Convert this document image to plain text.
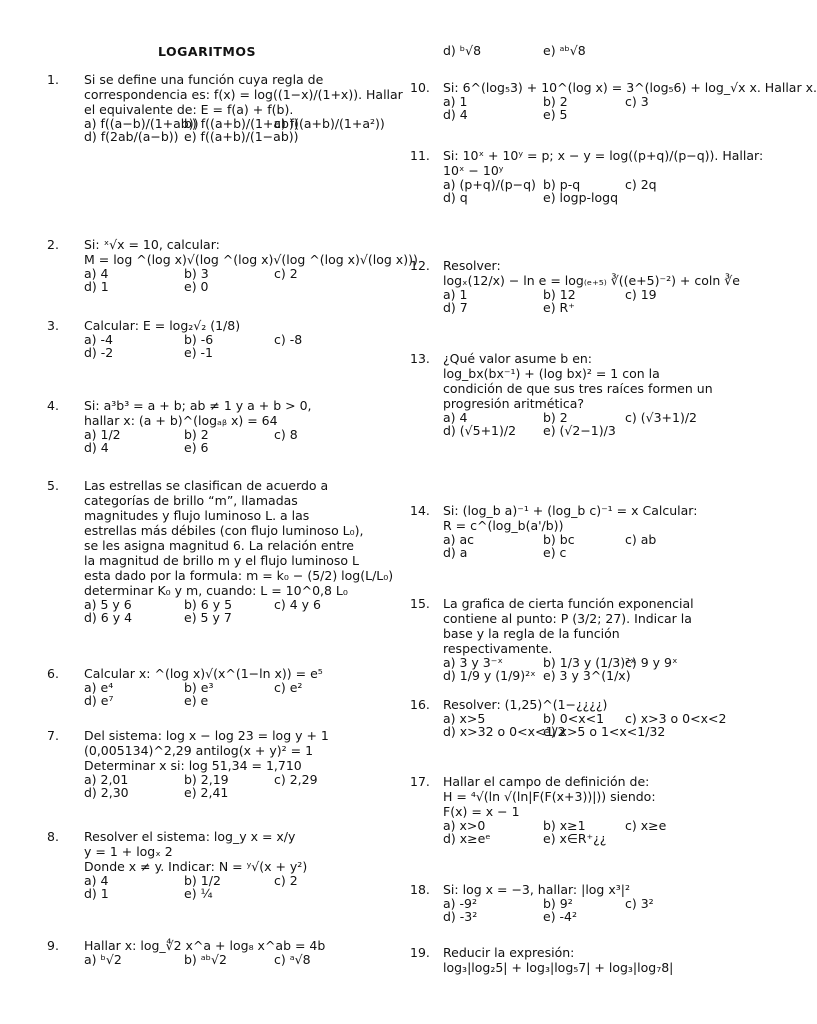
LOGARITMOS
1. Si se define una función cuya regla de
correspondencia es: f(x) = log((1−x)/(1+x)). Hallar
el equivalente de: E = f(a) + f(b).
a) f((a−b)/(1+ab))
b) f((a+b)/(1+ab))
c) f((a+b)/(1+a²))
d) f(2ab/(a−b)) e) f((a+b)/(1−ab))
2. Si: ˣ√x = 10, calcular:
M = log ^(log x)√(log ^(log x)√(log ^(log x)√(log x)))
a) 4	b) 3	c) 2
d) 1	e) 0
3. Calcular: E = log₂√₂ (1/8)
a) -4	b) -6	c) -8
d) -2	e) -1
4. Si: a³b³ = a + b; ab ≠ 1 y a + b > 0,
hallar x: (a + b)^(logₐᵦ x) = 64
a) 1/2	b) 2	c) 8
d) 4	e) 6
5. Las estrellas se clasifican de acuerdo a
categorías de brillo “m”, llamadas
magnitudes y flujo luminoso L. a las
estrellas más débiles (con flujo luminoso L₀),
se les asigna magnitud 6. La relación entre
la magnitud de brillo m y el flujo luminoso L
esta dado por la formula: m = k₀ − (5/2) log(L/L₀)
determinar K₀ y m, cuando: L = 10^0,8 L₀
a) 5 y 6	b) 6 y 5	c) 4 y 6
d) 6 y 4	e) 5 y 7
6. Calcular x: ^(log x)√(x^(1−ln x)) = e⁵
a) e⁴	b) e³	c) e²
d) e⁷	e) e
7. Del sistema: log x − log 23 = log y + 1
(0,005134)^2,29 antilog(x + y)² = 1
Determinar x si: log 51,34 = 1,710
a) 2,01	b) 2,19	c) 2,29
d) 2,30	e) 2,41
8. Resolver el sistema: log_y x = x/y
y = 1 + logₓ 2
Donde x ≠ y. Indicar: N = ʸ√(x + y²)
a) 4	b) 1/2	c) 2
d) 1	e) ¼
9. Hallar x: log_∜2 x^a + log₈ x^ab = 4b
a) ᵇ√2	b) ᵃᵇ√2	c) ᵃ√8
d) ᵇ√8	e) ᵃᵇ√8
10. Si: 6^(log₅3) + 10^(log x) = 3^(log₅6) + log_√x x. Hallar x.
a) 1	b) 2	c) 3
d) 4	e) 5
11. Si: 10ˣ + 10ʸ = p; x − y = log((p+q)/(p−q)). Hallar:
10ˣ − 10ʸ
a) (p+q)/(p−q) b) p-q	c) 2q
d) q	e) logp-logq
12. Resolver:
logₓ(12/x) − ln e = log₍ₑ₊₅₎ ∛((e+5)⁻²) + coln ∛e
a) 1	b) 12	c) 19
d) 7	e) R⁺
13. ¿Qué valor asume b en:
log_bx(bx⁻¹) + (log bx)² = 1 con la
condición de que sus tres raíces formen un
progresión aritmética?
a) 4	b) 2	c) (√3+1)/2
d) (√5+1)/2	e) (√2−1)/3
14. Si: (log_b a)⁻¹ + (log_b c)⁻¹ = x Calcular:
R = c^(log_b(a'/b))
a) ac	b) bc	c) ab
d) a	e) c
15. La grafica de cierta función exponencial
contiene al punto: P (3/2; 27). Indicar la
base y la regla de la función
respectivamente.
a) 3 y 3⁻ˣ	b) 1/3 y (1/3)²ˣ
c) 9 y 9ˣ
d) 1/9 y (1/9)²ˣ e) 3 y 3^(1/x)
16. Resolver: (1,25)^(1−¿¿¿¿)
a) x>5	b) 0<x<1	c) x>3 o 0<x<2
d) x>32 o 0<x<1/2
e) x>5 o 1<x<1/32
17. Hallar el campo de definición de:
H = ⁴√(ln √(ln|F(F(x+3))|)) siendo:
F(x) = x − 1
a) x>0	b) x≥1	c) x≥e
d) x≥eᵉ	e) x∈R⁺¿¿
18. Si: log x = −3, hallar: |log x³|²
a) -9²	b) 9²	c) 3²
d) -3²	e) -4²
19. Reducir la expresión:
log₃|log₂5| + log₃|log₅7| + log₃|log₇8|
